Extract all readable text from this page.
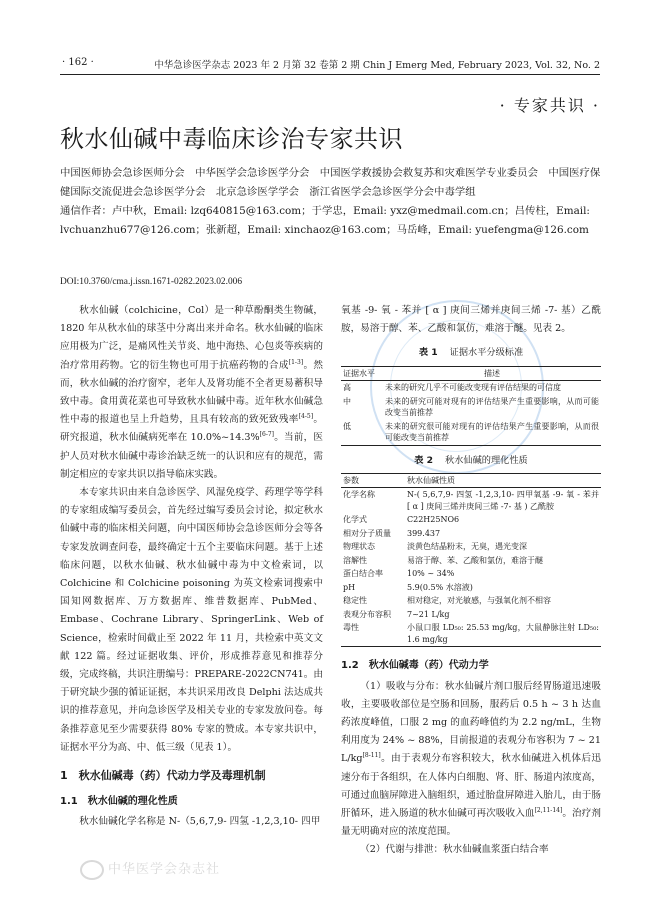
· 162 ·	中华急诊医学杂志 2023 年 2 月第 32 卷第 2 期 Chin J Emerg Med, February 2023, Vol. 32, No. 2
· 专家共识 ·
秋水仙碱中毒临床诊治专家共识
中国医师协会急诊医师分会　中华医学会急诊医学分会　中国医学救援协会救复苏和灾难医学专业委员会　中国医疗保健国际交流促进会急诊医学分会　北京急诊医学学会　浙江省医学会急诊医学分会中毒学组
通信作者：卢中秋，Email: lzq640815@163.com；于学忠，Email: yxz@medmail.com.cn；吕传柱，Email: lvchuanzhu677@126.com；张新超，Email: xinchaoz@163.com；马岳峰，Email: yuefengma@126.com
DOI:10.3760/cma.j.issn.1671-0282.2023.02.006

秋水仙碱（colchicine，Col）是一种草酚酮类生物碱，1820 年从秋水仙的球茎中分离出来并命名。秋水仙碱的临床应用极为广泛，是痛风性关节炎、地中海热、心包炎等疾病的治疗常用药物。它的衍生物也可用于抗癌药物的合成[1-3]。然而，秋水仙碱的治疗窗窄，老年人及肾功能不全者更易蓄积导致中毒。食用黄花菜也可导致秋水仙碱中毒。近年秋水仙碱急性中毒的报道也呈上升趋势，且具有较高的致死致残率[4-5]。研究报道，秋水仙碱病死率在 10.0%~14.3%[6-7]。当前，医护人员对秋水仙碱中毒诊治缺乏统一的认识和应有的规范，需制定相应的专家共识以指导临床实践。

本专家共识由来自急诊医学、风湿免疫学、药理学等学科的专家组成编写委员会，首先经过编写委员会讨论，拟定秋水仙碱中毒的临床相关问题，向中国医师协会急诊医师分会等各专家发放调查问卷，最终确定十五个主要临床问题。基于上述临床问题，以秋水仙碱、秋水仙碱中毒为中文检索词，以 Colchicine 和 Colchicine poisoning 为英文检索词搜索中国知网数据库、万方数据库、维普数据库、PubMed、Embase、Cochrane Library、SpringerLink、Web of Science，检索时间截止至 2022 年 11 月，共检索中英文文献 122 篇。经过证据收集、评价，形成推荐意见和推荐分级，完成终稿，共识注册编号：PREPARE-2022CN741。由于研究缺少强的循证证据，本共识采用改良 Delphi 法达成共识的推荐意见，并向急诊医学及相关专业的专家发放问卷。每条推荐意见至少需要获得 80% 专家的赞成。本专家共识中，证据水平分为高、中、低三级（见表 1）。

1　秋水仙碱毒（药）代动力学及毒理机制
1.1　秋水仙碱的理化性质

秋水仙碱化学名称是 N-（5,6,7,9- 四氢 -1,2,3,10- 四甲

氧基 -9- 氧 - 苯并 [ α ] 庚间三烯并庚间三烯 -7- 基）乙酰胺，易溶于醇、苯、乙酸和氯仿，难溶于醚。见表 2。

表 1 证据水平分级标准
证据水平	描述
高	未来的研究几乎不可能改变现有评估结果的可信度
中	未来的研究可能对现有的评估结果产生重要影响，从而可能改变当前推荐
低	未来的研究很可能对现有的评估结果产生重要影响，从而很可能改变当前推荐
表 2 秋水仙碱的理化性质
参数	秋水仙碱性质
化学名称	N-( 5,6,7,9- 四氢 -1,2,3,10- 四甲氧基 -9- 氧 - 苯并 [ α ] 庚间三烯并庚间三烯 -7- 基 ) 乙酰胺
化学式	C22H25NO6
相对分子质量	399.437
物理状态	淡黄色结晶粉末，无臭，遇光变深
溶解性	易溶于醇、苯、乙酸和氯仿，难溶于醚
蛋白结合率	10% ~ 34%
pH	5.9(0.5% 水溶液)
稳定性	相对稳定，对光敏感，与强氧化剂不相容
表观分布容积	7~21 L/kg
毒性	小鼠口服 LD₅₀: 25.53 mg/kg，大鼠静脉注射 LD₅₀: 1.6 mg/kg
1.2　秋水仙碱毒（药）代动力学

（1）吸收与分布：秋水仙碱片剂口服后经胃肠道迅速吸收，主要吸收部位是空肠和回肠，服药后 0.5 h ~ 3 h 达血药浓度峰值，口服 2 mg 的血药峰值约为 2.2 ng/mL，生物利用度为 24% ~ 88%，目前报道的表观分布容积为 7 ~ 21 L/kg[8-11]。由于表观分布容积较大，秋水仙碱进入机体后迅速分布于各组织，在人体内白细胞、肾、肝、肠道内浓度高，可通过血脑屏障进入脑组织，通过胎盘屏障进入胎儿，由于肠肝循环，进入肠道的秋水仙碱可再次吸收入血[2,11-14]。治疗剂量无明确对应的浓度范围。

（2）代谢与排泄：秋水仙碱血浆蛋白结合率

中华医学会杂志社
